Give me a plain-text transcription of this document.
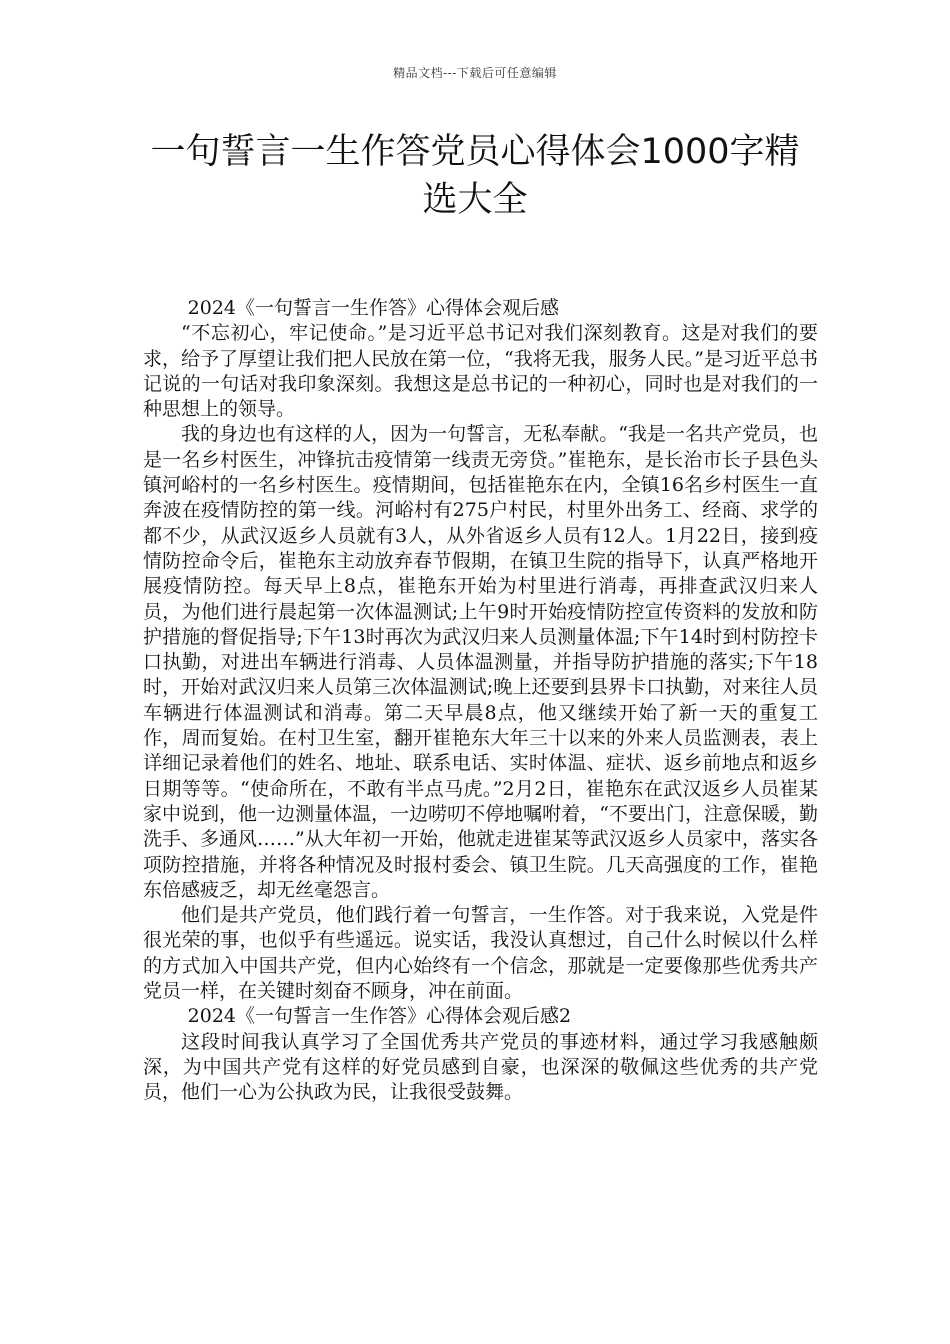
精品文档---下载后可任意编辑
一句誓言一生作答党员心得体会1000字精选大全

2024《一句誓言一生作答》心得体会观后感

“不忘初心，牢记使命。”是习近平总书记对我们深刻教育。这是对我们的要求，给予了厚望让我们把人民放在第一位，“我将无我，服务人民。”是习近平总书记说的一句话对我印象深刻。我想这是总书记的一种初心，同时也是对我们的一种思想上的领导。

我的身边也有这样的人，因为一句誓言，无私奉献。“我是一名共产党员，也是一名乡村医生，冲锋抗击疫情第一线责无旁贷。”崔艳东，是长治市长子县色头镇河峪村的一名乡村医生。疫情期间，包括崔艳东在内，全镇16名乡村医生一直奔波在疫情防控的第一线。河峪村有275户村民，村里外出务工、经商、求学的都不少，从武汉返乡人员就有3人，从外省返乡人员有12人。1月22日，接到疫情防控命令后，崔艳东主动放弃春节假期，在镇卫生院的指导下，认真严格地开展疫情防控。每天早上8点，崔艳东开始为村里进行消毒，再排查武汉归来人员，为他们进行晨起第一次体温测试;上午9时开始疫情防控宣传资料的发放和防护措施的督促指导;下午13时再次为武汉归来人员测量体温;下午14时到村防控卡口执勤，对进出车辆进行消毒、人员体温测量，并指导防护措施的落实;下午18时，开始对武汉归来人员第三次体温测试;晚上还要到县界卡口执勤，对来往人员车辆进行体温测试和消毒。第二天早晨8点，他又继续开始了新一天的重复工作，周而复始。在村卫生室，翻开崔艳东大年三十以来的外来人员监测表，表上详细记录着他们的姓名、地址、联系电话、实时体温、症状、返乡前地点和返乡日期等等。“使命所在，不敢有半点马虎。”2月2日，崔艳东在武汉返乡人员崔某家中说到，他一边测量体温，一边唠叨不停地嘱咐着，“不要出门，注意保暖，勤洗手、多通风……”从大年初一开始，他就走进崔某等武汉返乡人员家中，落实各项防控措施，并将各种情况及时报村委会、镇卫生院。几天高强度的工作，崔艳东倍感疲乏，却无丝毫怨言。

他们是共产党员，他们践行着一句誓言，一生作答。对于我来说，入党是件很光荣的事，也似乎有些遥远。说实话，我没认真想过，自己什么时候以什么样的方式加入中国共产党，但内心始终有一个信念，那就是一定要像那些优秀共产党员一样，在关键时刻奋不顾身，冲在前面。

2024《一句誓言一生作答》心得体会观后感2

这段时间我认真学习了全国优秀共产党员的事迹材料，通过学习我感触颇深，为中国共产党有这样的好党员感到自豪，也深深的敬佩这些优秀的共产党员，他们一心为公执政为民，让我很受鼓舞。
